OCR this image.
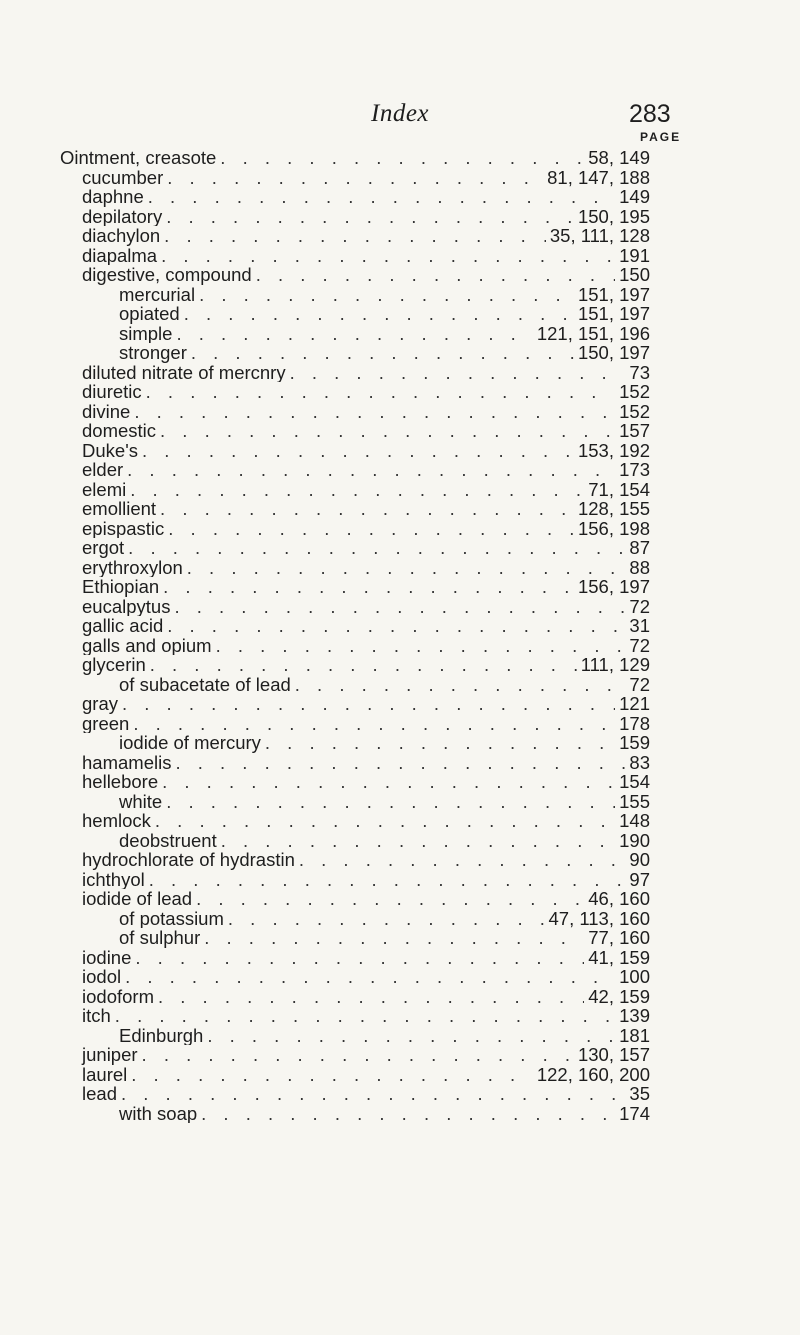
Index	283
PAGE
Ointment, creasote . . .	58, 149
cucumber . . .	81, 147, 188
daphne . . .	149
depilatory . . .	150, 195
diachylon . . .	35, 111, 128
diapalma . . .	191
digestive, compound . . .	150
mercurial . . .	151, 197
opiated . . .	151, 197
simple . . .	121, 151, 196
stronger . . .	150, 197
diluted nitrate of mercnry . . .	73
diuretic . . .	152
divine . . .	152
domestic . . .	157
Duke's . . .	153, 192
elder . . .	173
elemi . . .	71, 154
emollient . . .	128, 155
epispastic . . .	156, 198
ergot . . .	87
erythroxylon . . .	88
Ethiopian . . .	156, 197
eucalpytus . . .	72
gallic acid . . .	31
galls and opium . . .	72
glycerin . . .	111, 129
of subacetate of lead . . .	72
gray . . .	121
green . . .	178
iodide of mercury . . .	159
hamamelis . . .	83
hellebore . . .	154
white . . .	155
hemlock . . .	148
deobstruent . . .	190
hydrochlorate of hydrastin . . .	90
ichthyol . . .	97
iodide of lead . . .	46, 160
of potassium . . .	47, 113, 160
of sulphur . . .	77, 160
iodine . . .	41, 159
iodol . . .	100
iodoform . . .	42, 159
itch . . .	139
Edinburgh . . .	181
juniper . . .	130, 157
laurel . . .	122, 160, 200
lead . . .	35
with soap . . .	174
